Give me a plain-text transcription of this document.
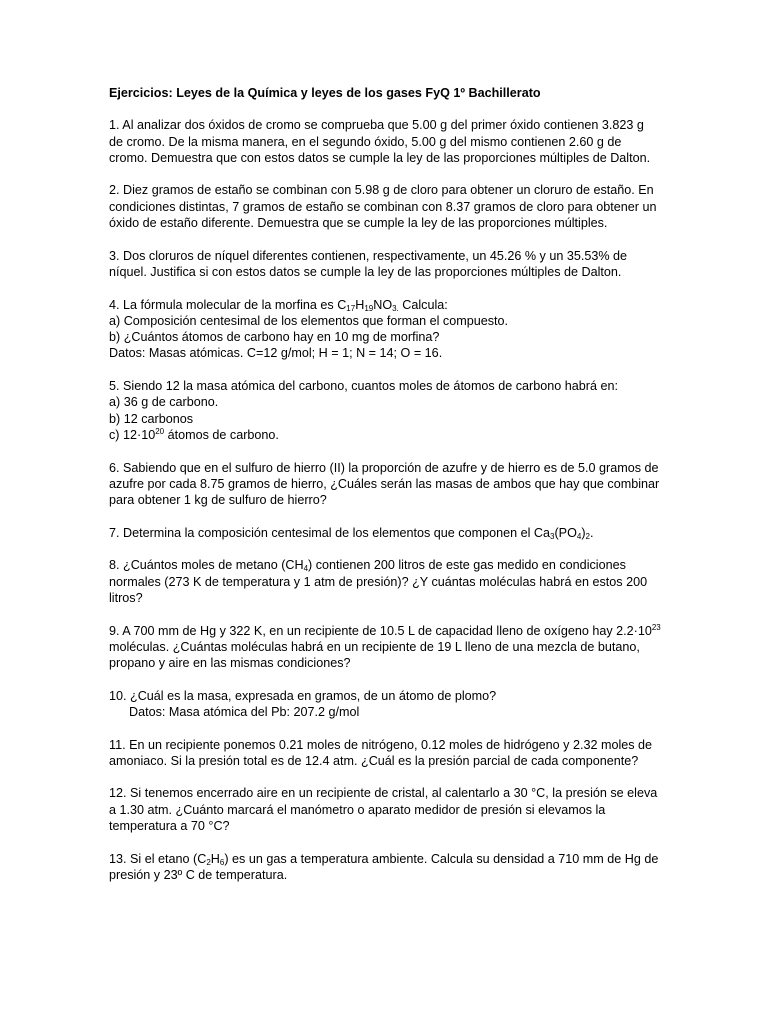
Ejercicios: Leyes de la Química y leyes de los gases FyQ 1º Bachillerato

1. Al analizar dos óxidos de cromo se comprueba que 5.00 g del primer óxido contienen 3.823 g de cromo. De la misma manera, en el segundo óxido, 5.00 g del mismo contienen 2.60 g de cromo. Demuestra que con estos datos se cumple la ley de las proporciones múltiples de Dalton.

2. Diez gramos de estaño se combinan con 5.98 g de cloro para obtener un cloruro de estaño. En condiciones distintas, 7 gramos de estaño se combinan con 8.37 gramos de cloro para obtener un óxido de estaño diferente. Demuestra que se cumple la ley de las proporciones múltiples.

3. Dos cloruros de níquel diferentes contienen, respectivamente, un 45.26 % y un 35.53% de níquel. Justifica si con estos datos se cumple la ley de las proporciones múltiples de Dalton.

4. La fórmula molecular de la morfina es $C_{17}H_{19}NO_{3.}$ Calcula:

a) Composición centesimal de los elementos que forman el compuesto.

b) ¿Cuántos átomos de carbono hay en 10 mg de morfina?

Datos: Masas atómicas. C=12 g/mol; H = 1; N = 14; O = 16.

5. Siendo 12 la masa atómica del carbono, cuantos moles de átomos de carbono habrá en:

a) 36 g de carbono.

b) 12 carbonos

c) $12\cdot 10^{20}$ átomos de carbono.

6. Sabiendo que en el sulfuro de hierro (II) la proporción de azufre y de hierro es de 5.0 gramos de azufre por cada 8.75 gramos de hierro, ¿Cuáles serán las masas de ambos que hay que combinar para obtener 1 kg de sulfuro de hierro?

7. Determina la composición centesimal de los elementos que componen el $Ca_3(PO_4)_2$.

8. ¿Cuántos moles de metano $(CH_4)$ contienen 200 litros de este gas medido en condiciones normales (273 K de temperatura y 1 atm de presión)? ¿Y cuántas moléculas habrá en estos 200 litros?

9. A 700 mm de Hg y 322 K, en un recipiente de 10.5 L de capacidad lleno de oxígeno hay $2.2\cdot 10^{23}$ moléculas. ¿Cuántas moléculas habrá en un recipiente de 19 L lleno de una mezcla de butano, propano y aire en las mismas condiciones?

10. ¿Cuál es la masa, expresada en gramos, de un átomo de plomo?

Datos: Masa atómica del Pb: 207.2 g/mol

11. En un recipiente ponemos 0.21 moles de nitrógeno, 0.12 moles de hidrógeno y 2.32 moles de amoniaco. Si la presión total es de 12.4 atm. ¿Cuál es la presión parcial de cada componente?

12. Si tenemos encerrado aire en un recipiente de cristal, al calentarlo a 30 °C, la presión se eleva a 1.30 atm. ¿Cuánto marcará el manómetro o aparato medidor de presión si elevamos la temperatura a 70 °C?

13. Si el etano $(C_2H_6)$ es un gas a temperatura ambiente. Calcula su densidad a 710 mm de Hg de presión y 23º C de temperatura.
